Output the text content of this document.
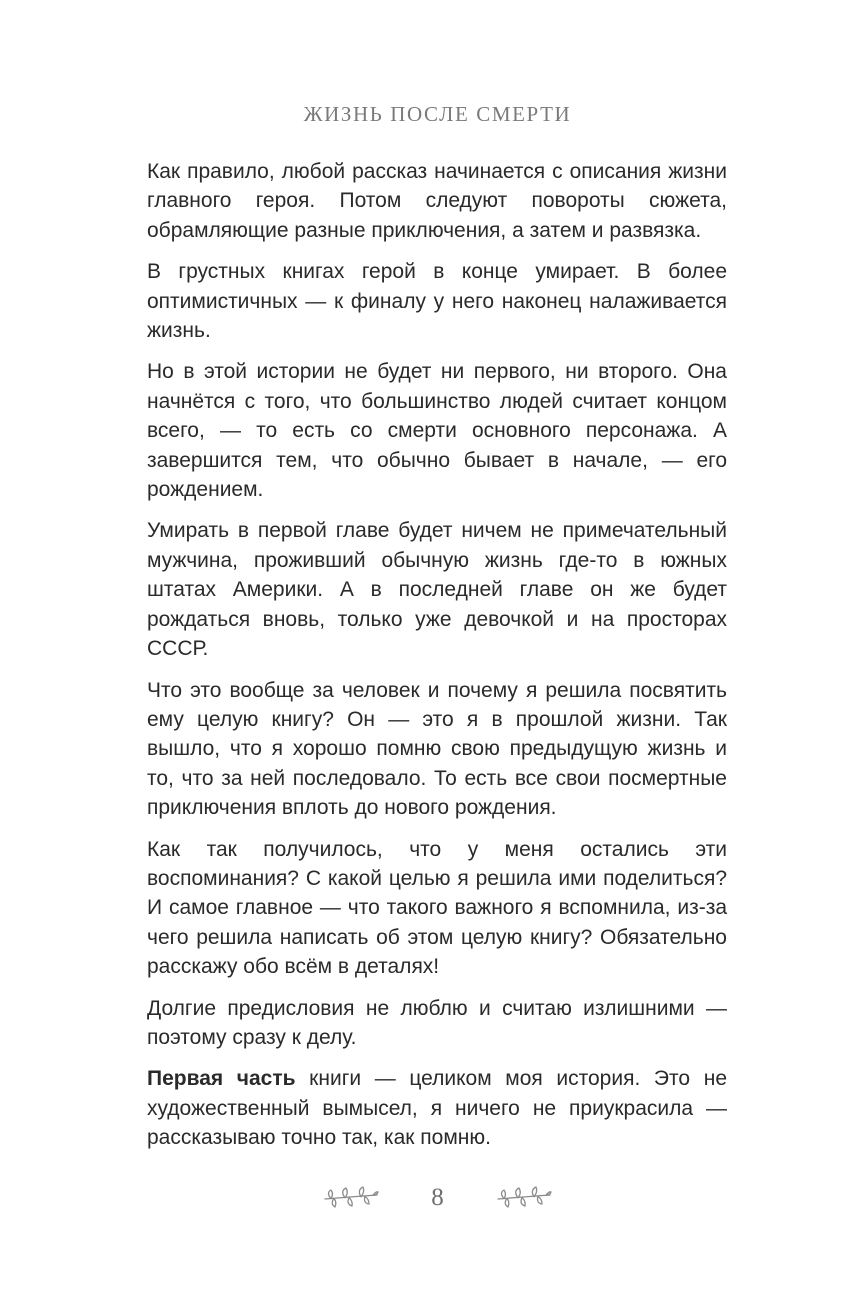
ЖИЗНЬ ПОСЛЕ СМЕРТИ

Как правило, любой рассказ начинается с описания жизни главного героя. Потом следуют повороты сюжета, обрамляющие разные приключения, а затем и развязка.

В грустных книгах герой в конце умирает. В более оптимистичных — к финалу у него наконец налаживается жизнь.

Но в этой истории не будет ни первого, ни второго. Она начнётся с того, что большинство людей считает концом всего, — то есть со смерти основного персонажа. А завершится тем, что обычно бывает в начале, — его рождением.

Умирать в первой главе будет ничем не примечательный мужчина, проживший обычную жизнь где-то в южных штатах Америки. А в последней главе он же будет рождаться вновь, только уже девочкой и на просторах СССР.

Что это вообще за человек и почему я решила посвятить ему целую книгу? Он — это я в прошлой жизни. Так вышло, что я хорошо помню свою предыдущую жизнь и то, что за ней последовало. То есть все свои посмертные приключения вплоть до нового рождения.

Как так получилось, что у меня остались эти воспоминания? С какой целью я решила ими поделиться? И самое главное — что такого важного я вспомнила, из-за чего решила написать об этом целую книгу? Обязательно расскажу обо всём в деталях!

Долгие предисловия не люблю и считаю излишними — поэтому сразу к делу.

Первая часть книги — целиком моя история. Это не художественный вымысел, я ничего не приукрасила — рассказываю точно так, как помню.

8
